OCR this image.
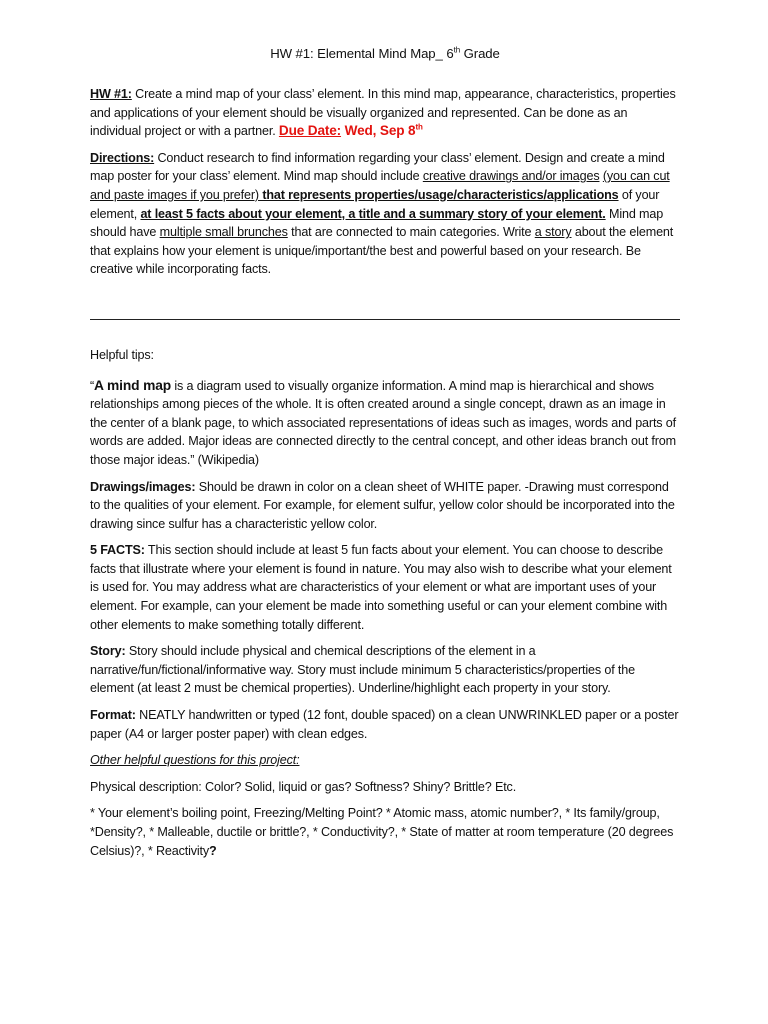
HW #1: Elemental Mind Map_ 6th Grade

HW #1: Create a mind map of your class’ element. In this mind map, appearance, characteristics, properties and applications of your element should be visually organized and represented. Can be done as an individual project or with a partner. Due Date: Wed, Sep 8th

Directions: Conduct research to find information regarding your class’ element. Design and create a mind map poster for your class’ element. Mind map should include creative drawings and/or images (you can cut and paste images if you prefer) that represents properties/usage/characteristics/applications of your element, at least 5 facts about your element, a title and a summary story of your element. Mind map should have multiple small brunches that are connected to main categories. Write a story about the element that explains how your element is unique/important/the best and powerful based on your research. Be creative while incorporating facts.

Helpful tips:

“A mind map is a diagram used to visually organize information. A mind map is hierarchical and shows relationships among pieces of the whole. It is often created around a single concept, drawn as an image in the center of a blank page, to which associated representations of ideas such as images, words and parts of words are added. Major ideas are connected directly to the central concept, and other ideas branch out from those major ideas.” (Wikipedia)

Drawings/images: Should be drawn in color on a clean sheet of WHITE paper. -Drawing must correspond to the qualities of your element. For example, for element sulfur, yellow color should be incorporated into the drawing since sulfur has a characteristic yellow color.

5 FACTS: This section should include at least 5 fun facts about your element. You can choose to describe facts that illustrate where your element is found in nature. You may also wish to describe what your element is used for. You may address what are characteristics of your element or what are important uses of your element. For example, can your element be made into something useful or can your element combine with other elements to make something totally different.

Story: Story should include physical and chemical descriptions of the element in a narrative/fun/fictional/informative way. Story must include minimum 5 characteristics/properties of the element (at least 2 must be chemical properties). Underline/highlight each property in your story.

Format: NEATLY handwritten or typed (12 font, double spaced) on a clean UNWRINKLED paper or a poster paper (A4 or larger poster paper) with clean edges.

Other helpful questions for this project:

Physical description: Color? Solid, liquid or gas? Softness? Shiny? Brittle? Etc.

* Your element’s boiling point, Freezing/Melting Point? * Atomic mass, atomic number?, * Its family/group, *Density?, * Malleable, ductile or brittle?, * Conductivity?, * State of matter at room temperature (20 degrees Celsius)?, * Reactivity?
